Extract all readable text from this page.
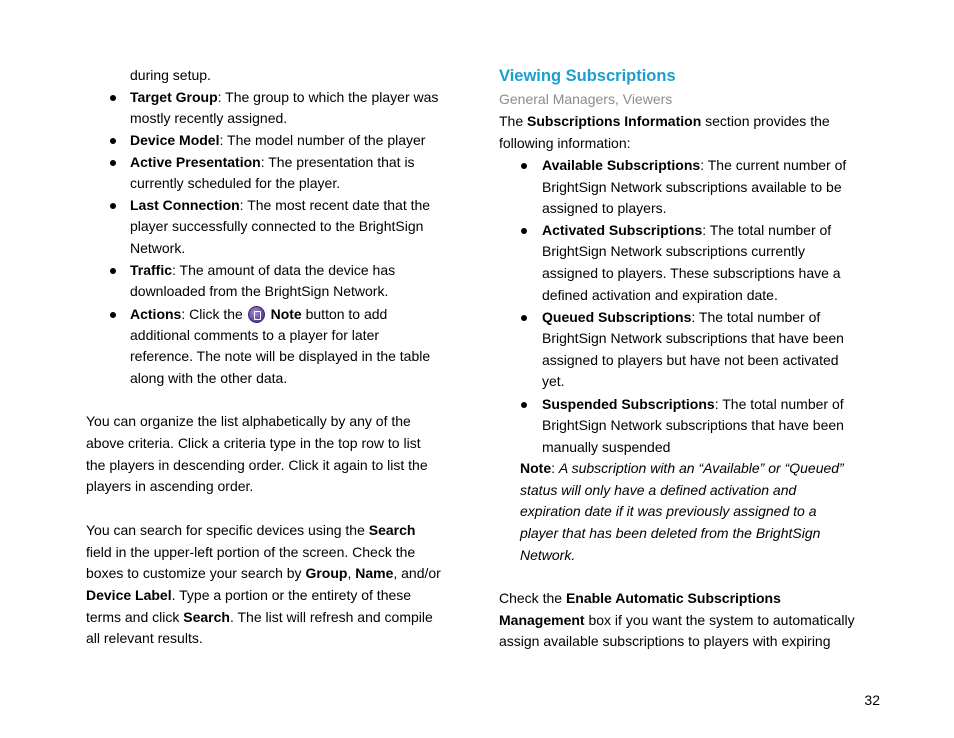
during setup.
Target Group: The group to which the player was
mostly recently assigned.
Device Model: The model number of the player
Active Presentation: The presentation that is
currently scheduled for the player.
Last Connection: The most recent date that the
player successfully connected to the BrightSign
Network.
Traffic: The amount of data the device has
downloaded from the BrightSign Network.
Actions: Click the  Note button to add
additional comments to a player for later
reference. The note will be displayed in the table
along with the other data.
You can organize the list alphabetically by any of the
above criteria. Click a criteria type in the top row to list
the players in descending order. Click it again to list the
players in ascending order.
You can search for specific devices using the Search
field in the upper-left portion of the screen. Check the
boxes to customize your search by Group, Name, and/or
Device Label. Type a portion or the entirety of these
terms and click Search. The list will refresh and compile
all relevant results.
Viewing Subscriptions
General Managers, Viewers
The Subscriptions Information section provides the
following information:
Available Subscriptions: The current number of
BrightSign Network subscriptions available to be
assigned to players.
Activated Subscriptions: The total number of
BrightSign Network subscriptions currently
assigned to players. These subscriptions have a
defined activation and expiration date.
Queued Subscriptions: The total number of
BrightSign Network subscriptions that have been
assigned to players but have not been activated
yet.
Suspended Subscriptions: The total number of
BrightSign Network subscriptions that have been
manually suspended
Note: A subscription with an “Available” or “Queued”
status will only have a defined activation and
expiration date if it was previously assigned to a
player that has been deleted from the BrightSign
Network.
Check the Enable Automatic Subscriptions
Management box if you want the system to automatically
assign available subscriptions to players with expiring
32
